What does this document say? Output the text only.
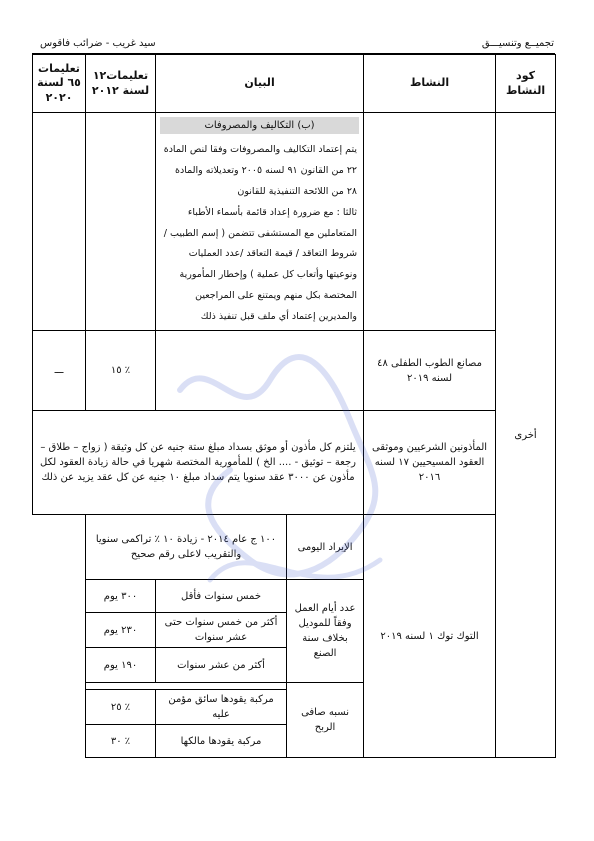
سيد غريب - ضرائب فاقوس	تجميــع وتنسيـــق
كود النشاط	النشاط	البيان		تعليمات١٢ لسنة ٢٠١٢	تعليمات ٦٥ لسنة ٢٠٢٠
أخرى		(ب) التكاليف والمصروفات

يتم إعتماد التكاليف والمصروفات وفقا لنص المادة ٢٢ من القانون ٩١ لسنه ٢٠٠٥ وتعديلاته والمادة ٢٨ من اللائحة التنفيذية للقانون

ثالثا : مع ضرورة إعداد قائمة بأسماء الأطباء المتعاملين مع المستشفى تتضمن ( إسم الطبيب / شروط التعاقد / قيمة التعاقد /عدد العمليات ونوعيتها وأتعاب كل عملية ) وإخطار المأمورية المختصة بكل منهم ويمتنع على المراجعين والمديرين إعتماد أي ملف قبل تنفيذ ذلك			

	مصانع الطوب الطفلى ٤٨ لسنه ٢٠١٩			٪ ١٥	ـــ
	المأذونين الشرعيين وموثقى العقود المسيحيين ١٧ لسنه ٢٠١٦	يلتزم كل مأذون أو موثق بسداد مبلغ ستة جنيه عن كل وثيقة ( زواج – طلاق – رجعة – توثيق - .... الخ ) للمأمورية المختصة شهريا في حالة زيادة العقود لكل مأذون عن ٣٠٠٠ عقد سنويا يتم سداد مبلغ ١٠ جنيه عن كل عقد يزيد عن ذلك			
	التوك توك ١ لسنه ٢٠١٩	الإيراد اليومى	١٠٠ ج عام ٢٠١٤ - زيادة ١٠ ٪ تراكمى سنويا والتقريب لاعلى رقم صحيح		
		عدد أيام العمل وفقاً للموديل بخلاف سنة الصنع	خمس سنوات فأقل	٣٠٠ يوم	
			أكثر من خمس سنوات حتى عشر سنوات	٢٣٠ يوم	
			أكثر من عشر سنوات	١٩٠ يوم	
		نسبه صافى الربح			
			مركبة يقودها سائق مؤمن عليه	٪ ٢٥	
			مركبة يقودها مالكها	٪ ٣٠	
